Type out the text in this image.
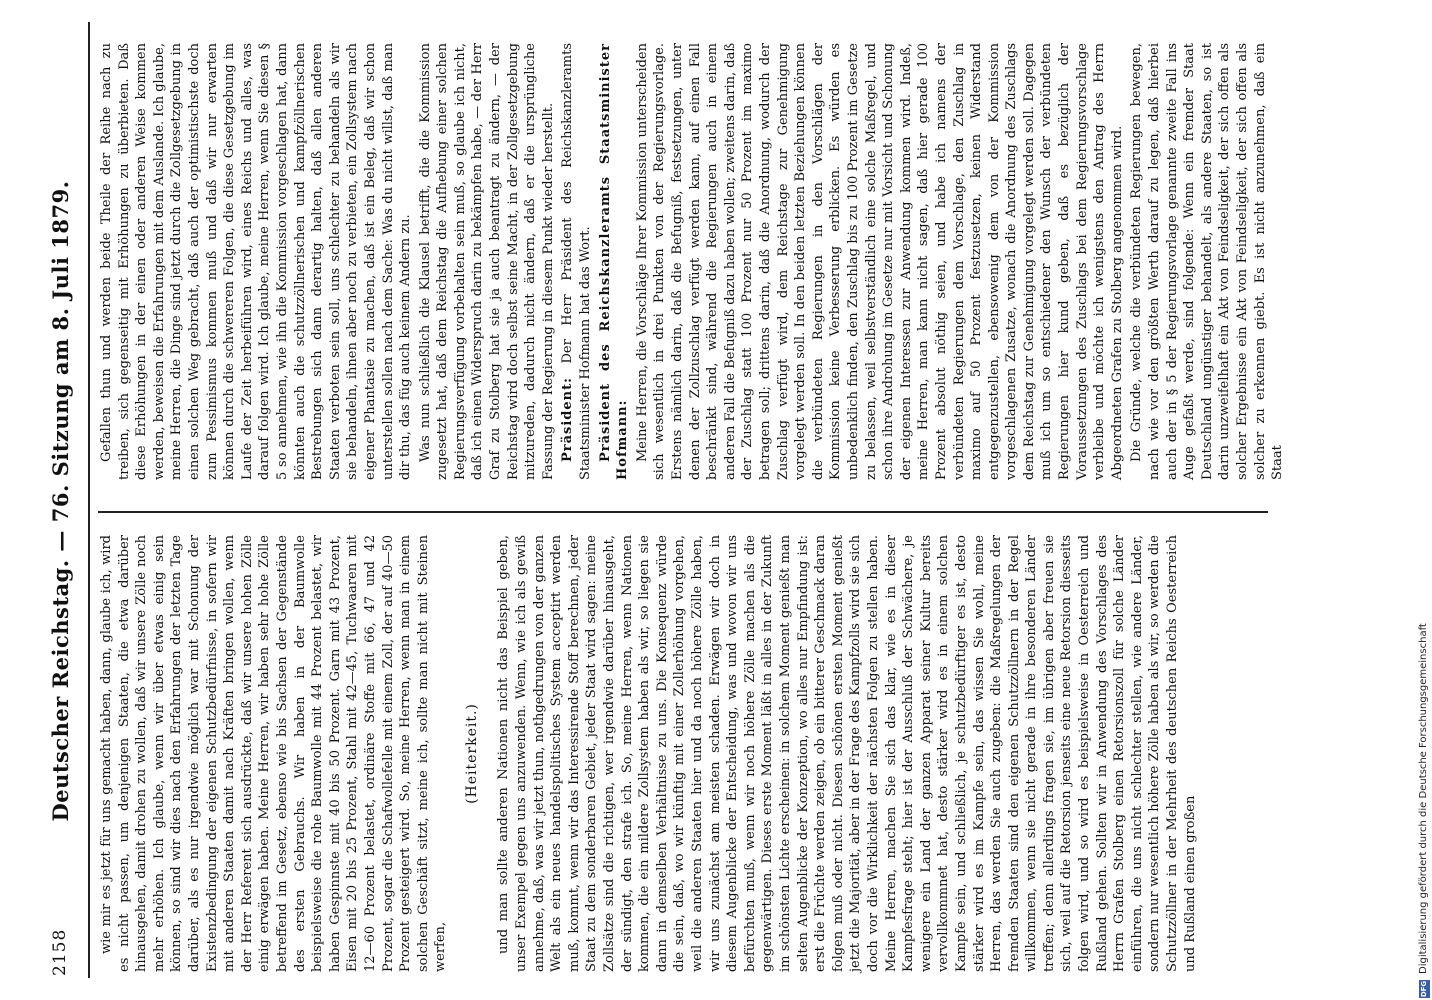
2158
Deutscher Reichstag. — 76. Sitzung am 8. Juli 1879. wie mir es jetzt für uns gemacht haben, dann, glaube ich, wird es nicht passen, um denjenigen Staaten, die etwa darüber hinausgehen, damit drohen zu wollen, daß wir unsere Zölle noch mehr erhöhen. Ich glaube, wenn wir über etwas einig sein können, so sind wir dies nach den Erfahrungen der letzten Tage darüber, als es nur irgendwie möglich war mit Schonung der Existenzbedingung der eigenen Schutzbedürfnisse, in sofern wir mit anderen Staaten damit nach Kräften bringen wollen, wenn der Herr Referent sich ausdrückte, daß wir unsere hohen Zölle einig erwägen haben. Meine Herren, wir haben sehr hohe Zölle betreffend im Gesetz, ebenso wie bis Sachsen der Gegenstände des ersten Gebrauchs. Wir haben in der Baumwolle beispielsweise die rohe Baumwolle mit 44 Prozent belastet, wir haben Gespinnste mit 40 bis 50 Prozent. Garn mit 43 Prozent, Eisen mit 20 bis 25 Prozent, Stahl mit 42—45, Tuchwaaren mit 12—60 Prozent belastet, ordinäre Stoffe mit 66, 47 und 42 Prozent, sogar die Schafwollefelle mit einem Zoll, der auf 40—50 Prozent gesteigert wird. So, meine Herren, wenn man in einem solchen Geschäft sitzt, meine ich, sollte man nicht mit Steinen werfen,

(Heiterkeit.) und man sollte anderen Nationen nicht das Beispiel geben, unser Exempel gegen uns anzuwenden. Wenn, wie ich als gewiß annehme, daß, was wir jetzt thun, nothgedrungen von der ganzen Welt als ein neues handelspolitisches System acceptirt werden muß, kommt, wenn wir das Interessirende Stoff berechnen, jeder Staat zu dem sonderbaren Gebiet, jeder Staat wird sagen: meine Zollsätze sind die richtigen, wer irgendwie darüber hinausgeht, der sündigt, den strafe ich. So, meine Herren, wenn Nationen kommen, die ein mildere Zollsystem haben als wir, so liegen sie dann in demselben Verhältnisse zu uns. Die Konsequenz würde die sein, daß, wo wir künftig mit einer Zollerhöhung vorgehen, weil die anderen Staaten hier und da noch höhere Zölle haben, wir uns zunächst am meisten schaden. Erwägen wir doch in diesem Augenblicke der Entscheidung, was und wovon wir uns befürchten muß, wenn wir noch höhere Zölle machen als die gegenwärtigen. Dieses erste Moment läßt in alles in der Zukunft im schönsten Lichte erscheinen: in solchem Moment genießt man selten Augenblicke der Konzeption, wo alles nur Empfindung ist: erst die Früchte werden zeigen, ob ein bitterer Geschmack daran folgen muß oder nicht. Diesen schönen ersten Moment genießt jetzt die Majorität, aber in der Frage des Kampfzolls wird sie sich doch vor die Wirklichkeit der nächsten Folgen zu stellen haben. Meine Herren, machen Sie sich das klar, wie es in dieser Kampfesfrage steht; hier ist der Ausschluß der Schwächere, je wenigere ein Land der ganzen Apparat seiner Kultur bereits vervollkommnet hat, desto stärker wird es in einem solchen Kampfe sein, und schließlich, je schutzbedürftiger es ist, desto stärker wird es im Kampfe sein, das wissen Sie wohl, meine Herren, das werden Sie auch zugeben: die Maßregelungen der fremden Staaten sind den eigenen Schutzzöllnern in der Regel willkommen, wenn sie nicht gerade in ihre besonderen Länder treffen; denn allerdings fragen sie, im übrigen aber freuen sie sich, weil auf die Retorsion jenseits eine neue Retorsion diesseits folgen wird, und so wird es beispielsweise in Oesterreich und Rußland gehen. Sollten wir in Anwendung des Vorschlages des Herrn Grafen Stolberg einen Retorsionszoll für solche Länder einführen, die uns nicht schlechter stellen, wie andere Länder, sondern nur wesentlich höhere Zölle haben als wir, so werden die Schutzzöllner in der Mehrheit des deutschen Reichs Oesterreich und Rußland einen großen

Gefallen thun und werden beide Theile der Reihe nach zu treiben, sich gegenseitig mit Erhöhungen zu überbieten. Daß diese Erhöhungen in der einen oder anderen Weise kommen werden, beweisen die Erfahrungen mit dem Auslande. Ich glaube, meine Herren, die Dinge sind jetzt durch die Zollgesetzgebung in einen solchen Weg gebracht, daß auch der optimistischste doch zum Pessimismus kommen muß und daß wir nur erwarten können durch die schwereren Folgen, die diese Gesetzgebung im Laufe der Zeit herbeiführen wird, eines Reichs und alles, was darauf folgen wird. Ich glaube, meine Herren, wenn Sie diesen § 5 so annehmen, wie ihn die Kommission vorgeschlagen hat, dann könnten auch die schutzzöllnerischen und kampfzöllnerischen Bestrebungen sich dann derartig halten, daß allen anderen Staaten verboten sein soll, uns schlechter zu behandeln als wir sie behandeln, ihnen aber noch zu verbieten, ein Zollsystem nach eigener Phantasie zu machen, daß ist ein Beleg, daß wir schon unterstellen sollen nach dem Sache: Was du nicht willst, daß man dir thu, das füg auch keinem Andern zu. Was nun schließlich die Klausel betrifft, die die Kommission zugesetzt hat, daß dem Reichstag die Aufhebung einer solchen Regierungsverfügung vorbehalten sein muß, so glaube ich nicht, daß ich einen Widerspruch darin zu bekämpfen habe, — der Herr Graf zu Stolberg hat sie ja auch beantragt zu ändern, — der Reichstag wird doch selbst seine Macht, in der Zollgesetzgebung mitzureden, dadurch nicht ändern, daß er die ursprüngliche Fassung der Regierung in diesem Punkt wieder herstellt. Präsident: Der Herr Präsident des Reichskanzleramts Staatsminister Hofmann hat das Wort. Präsident des Reichskanzleramts Staatsminister Hofmann: Meine Herren, die Vorschläge Ihrer Kommission unterscheiden sich wesentlich in drei Punkten von der Regierungsvorlage. Erstens nämlich darin, daß die Befugniß, festsetzungen, unter denen der Zollzuschlag verfügt werden kann, auf einen Fall beschränkt sind, während die Regierungen auch in einem anderen Fall die Befugniß dazu haben wollen; zweitens darin, daß der Zuschlag statt 100 Prozent nur 50 Prozent im maximo betragen soll; drittens darin, daß die Anordnung, wodurch der Zuschlag verfügt wird, dem Reichstage zur Genehmigung vorgelegt werden soll. In den beiden letzten Beziehungen können die verbündeten Regierungen in den Vorschlägen der Kommission keine Verbesserung erblicken. Es würden es unbedenklich finden, den Zuschlag bis zu 100 Prozent im Gesetze zu belassen, weil selbstverständlich eine solche Maßregel, und schon ihre Androhung im Gesetze nur mit Vorsicht und Schonung der eigenen Interessen zur Anwendung kommen wird. Indeß, meine Herren, man kann nicht sagen, daß hier gerade 100 Prozent absolut nöthig seien, und habe ich namens der verbündeten Regierungen dem Vorschlage, den Zuschlag in maximo auf 50 Prozent festzusetzen, keinen Widerstand entgegenzustellen, ebensowenig dem von der Kommission vorgeschlagenen Zusatze, wonach die Anordnung des Zuschlags dem Reichstag zur Genehmigung vorgelegt werden soll. Dagegen muß ich um so entschiedener den Wunsch der verbündeten Regierungen hier kund geben, daß es bezüglich der Voraussetzungen des Zuschlags bei dem Regierungsvorschlage verbleibe und möchte ich wenigstens den Antrag des Herrn Abgeordneten Grafen zu Stolberg angenommen wird. Die Gründe, welche die verbündeten Regierungen bewegen, nach wie vor den größten Werth darauf zu legen, daß hierbei auch der in § 5 der Regierungsvorlage genannte zweite Fall ins Auge gefaßt werde, sind folgende: Wenn ein fremder Staat Deutschland ungünstiger behandelt, als andere Staaten, so ist darin unzweifelhaft ein Akt von Feindseligkeit, der sich offen als solcher Ergebnisse ein Akt von Feindseligkeit, der sich offen als solcher zu erkennen giebt. Es ist nicht anzunehmen, daß ein Staat

DFG
Digitalisierung gefördert durch die Deutsche Forschungsgemeinschaft
